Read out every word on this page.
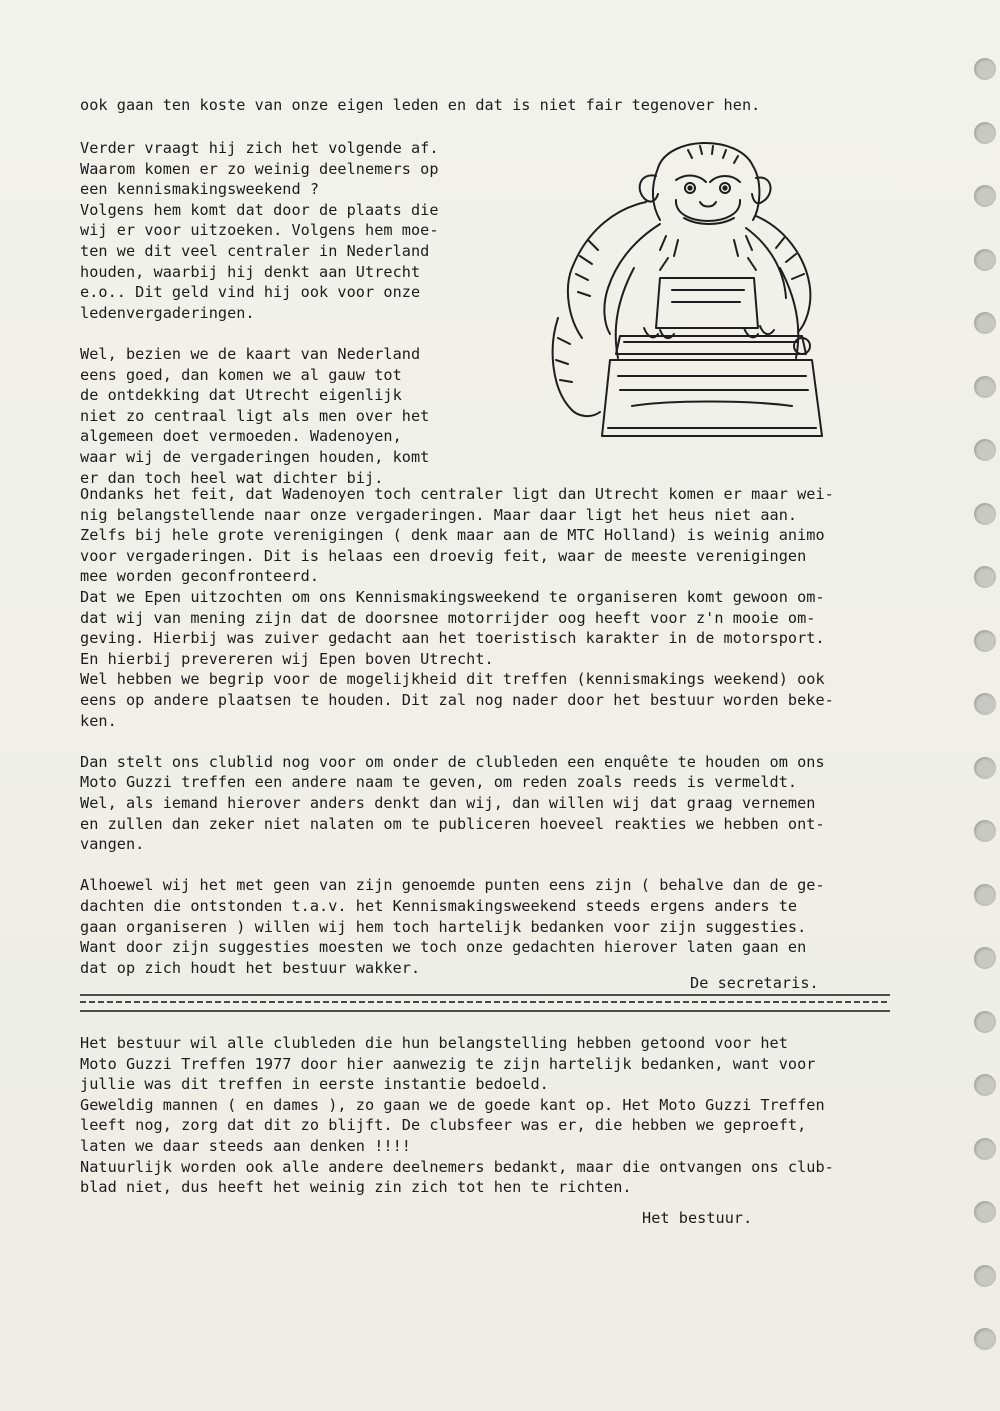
ook gaan ten koste van onze eigen leden en dat is niet fair tegenover hen.
Verder vraagt hij zich het volgende af.
Waarom komen er zo weinig deelnemers op
een kennismakingsweekend ?
Volgens hem komt dat door de plaats die
wij er voor uitzoeken. Volgens hem moe-
ten we dit veel centraler in Nederland
houden, waarbij hij denkt aan Utrecht
e.o.. Dit geld vind hij ook voor onze
ledenvergaderingen.
Wel, bezien we de kaart van Nederland
eens goed, dan komen we al gauw tot
de ontdekking dat Utrecht eigenlijk
niet zo centraal ligt als men over het
algemeen doet vermoeden. Wadenoyen,
waar wij de vergaderingen houden, komt
er dan toch heel wat dichter bij.
Ondanks het feit, dat Wadenoyen toch centraler ligt dan Utrecht komen er maar wei-
nig belangstellende naar onze vergaderingen. Maar daar ligt het heus niet aan.
Zelfs bij hele grote verenigingen ( denk maar aan de MTC Holland) is weinig animo
voor vergaderingen. Dit is helaas een droevig feit, waar de meeste verenigingen
mee worden geconfronteerd.
Dat we Epen uitzochten om ons Kennismakingsweekend te organiseren komt gewoon om-
dat wij van mening zijn dat de doorsnee motorrijder oog heeft voor z'n mooie om-
geving. Hierbij was zuiver gedacht aan het toeristisch karakter in de motorsport.
En hierbij prevereren wij Epen boven Utrecht.
Wel hebben we begrip voor de mogelijkheid dit treffen (kennismakings weekend) ook
eens op andere plaatsen te houden. Dit zal nog nader door het bestuur worden beke-
ken.
Dan stelt ons clublid nog voor om onder de clubleden een enquête te houden om ons
Moto Guzzi treffen een andere naam te geven, om reden zoals reeds is vermeldt.
Wel, als iemand hierover anders denkt dan wij, dan willen wij dat graag vernemen
en zullen dan zeker niet nalaten om te publiceren hoeveel reakties we hebben ont-
vangen.
Alhoewel wij het met geen van zijn genoemde punten eens zijn ( behalve dan de ge-
dachten die ontstonden t.a.v. het Kennismakingsweekend steeds ergens anders te
gaan organiseren ) willen wij hem toch hartelijk bedanken voor zijn suggesties.
Want door zijn suggesties moesten we toch onze gedachten hierover laten gaan en
dat op zich houdt het bestuur wakker.
De secretaris.
Het bestuur wil alle clubleden die hun belangstelling hebben getoond voor het
Moto Guzzi Treffen 1977 door hier aanwezig te zijn hartelijk bedanken, want voor
jullie was dit treffen in eerste instantie bedoeld.
Geweldig mannen ( en dames ), zo gaan we de goede kant op. Het Moto Guzzi Treffen
leeft nog, zorg dat dit zo blijft. De clubsfeer was er, die hebben we geproeft,
laten we daar steeds aan denken !!!!
Natuurlijk worden ook alle andere deelnemers bedankt, maar die ontvangen ons club-
blad niet, dus heeft het weinig zin zich tot hen te richten.
Het bestuur.
